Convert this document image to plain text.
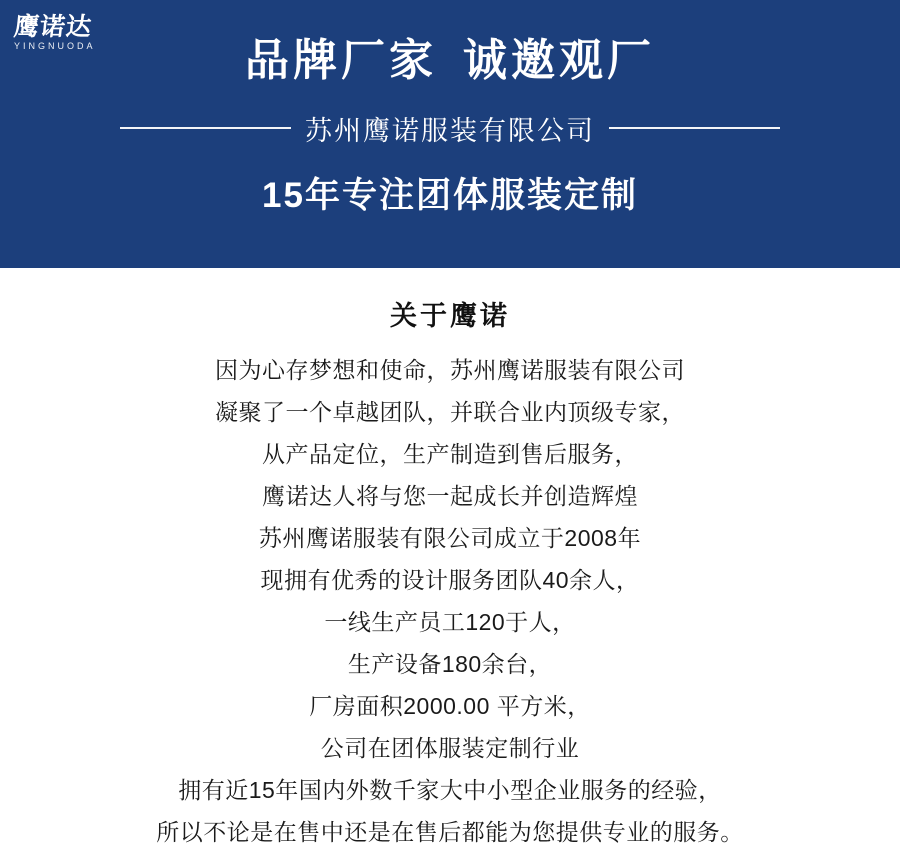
鹰诺达
YINGNUODA	品牌厂家 诚邀观厂
苏州鹰诺服装有限公司
15年专注团体服装定制
关于鹰诺
因为心存梦想和使命，苏州鹰诺服装有限公司
凝聚了一个卓越团队，并联合业内顶级专家，
从产品定位，生产制造到售后服务，
鹰诺达人将与您一起成长并创造辉煌
苏州鹰诺服装有限公司成立于2008年
现拥有优秀的设计服务团队40余人，
一线生产员工120于人，
生产设备180余台，
厂房面积2000.00 平方米，
公司在团体服装定制行业
拥有近15年国内外数千家大中小型企业服务的经验，
所以不论是在售中还是在售后都能为您提供专业的服务。
